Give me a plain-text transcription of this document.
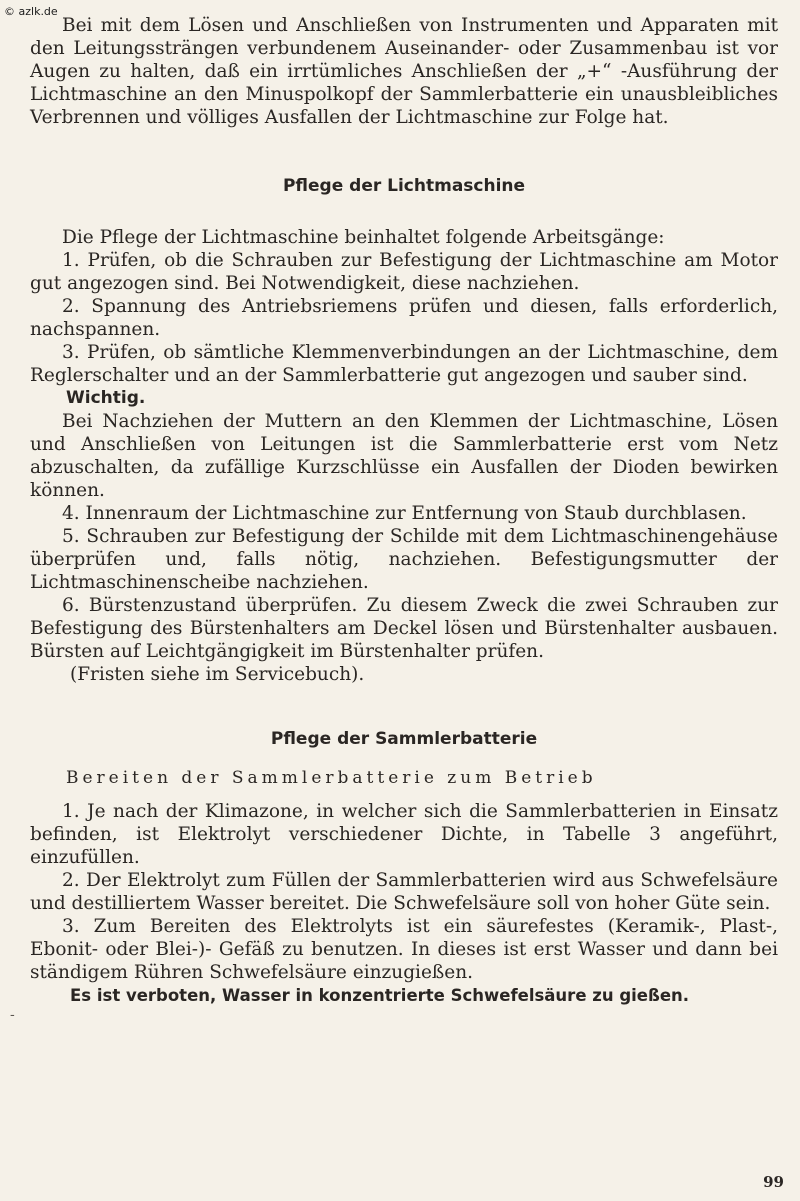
© azlk.de

Bei mit dem Lösen und Anschließen von Instrumenten und Apparaten mit den Leitungssträngen verbundenem Auseinander- oder Zusammenbau ist vor Augen zu halten, daß ein irrtümliches Anschließen der „+“ -Ausführung der Lichtmaschine an den Minuspolkopf der Sammlerbatterie ein unausbleibliches Verbrennen und völliges Ausfallen der Lichtmaschine zur Folge hat.

Pflege der Lichtmaschine

Die Pflege der Lichtmaschine beinhaltet folgende Arbeitsgänge:

1. Prüfen, ob die Schrauben zur Befestigung der Lichtmaschine am Motor gut angezogen sind. Bei Notwendigkeit, diese nachziehen.

2. Spannung des Antriebsriemens prüfen und diesen, falls erforderlich, nachspannen.

3. Prüfen, ob sämtliche Klemmenverbindungen an der Lichtmaschine, dem Reglerschalter und an der Sammlerbatterie gut angezogen und sauber sind.

Wichtig.

Bei Nachziehen der Muttern an den Klemmen der Lichtmaschine, Lösen und Anschließen von Leitungen ist die Sammlerbatterie erst vom Netz abzuschalten, da zufällige Kurzschlüsse ein Ausfallen der Dioden bewirken können.

4. Innenraum der Lichtmaschine zur Entfernung von Staub durchblasen.

5. Schrauben zur Befestigung der Schilde mit dem Lichtmaschinengehäuse überprüfen und, falls nötig, nachziehen. Befestigungsmutter der Lichtmaschinenscheibe nachziehen.

6. Bürstenzustand überprüfen. Zu diesem Zweck die zwei Schrauben zur Befestigung des Bürstenhalters am Deckel lösen und Bürstenhalter ausbauen. Bürsten auf Leichtgängigkeit im Bürstenhalter prüfen.

(Fristen siehe im Servicebuch).

Pflege der Sammlerbatterie

Bereiten der Sammlerbatterie zum Betrieb

1. Je nach der Klimazone, in welcher sich die Sammlerbatterien in Einsatz befinden, ist Elektrolyt verschiedener Dichte, in Tabelle 3 angeführt, einzufüllen.

2. Der Elektrolyt zum Füllen der Sammlerbatterien wird aus Schwefelsäure und destilliertem Wasser bereitet. Die Schwefelsäure soll von hoher Güte sein.

3. Zum Bereiten des Elektrolyts ist ein säurefestes (Keramik-, Plast-, Ebonit- oder Blei-)- Gefäß zu benutzen. In dieses ist erst Wasser und dann bei ständigem Rühren Schwefelsäure einzugießen.

Es ist verboten, Wasser in konzentrierte Schwefelsäure zu gießen.

-
99
